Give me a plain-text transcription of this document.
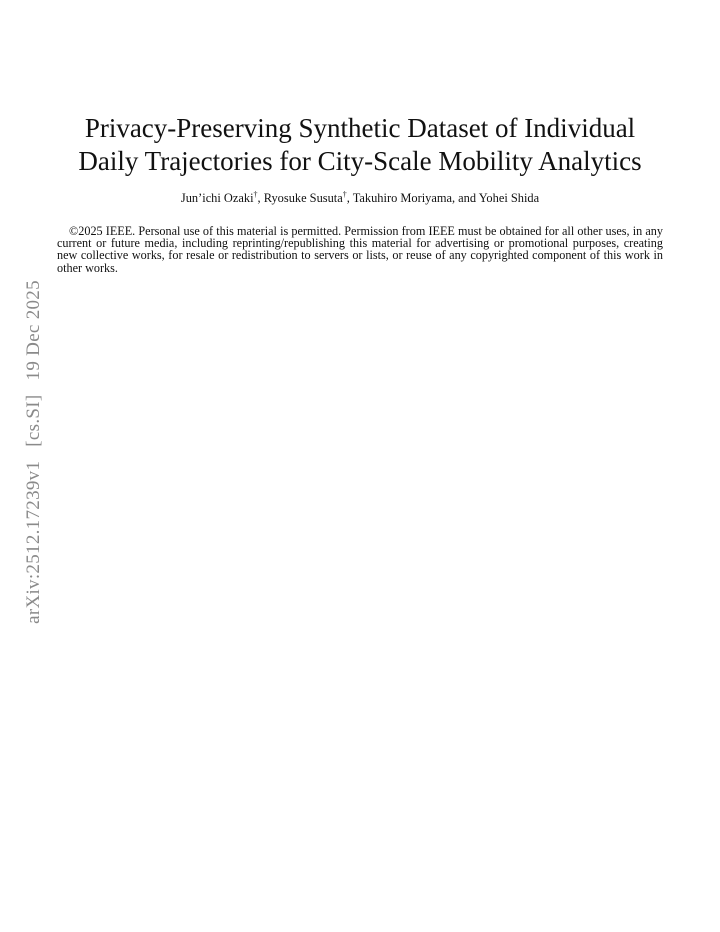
arXiv:2512.17239v1[cs.SI]19 Dec 2025
Privacy-Preserving Synthetic Dataset of Individual
Daily Trajectories for City-Scale Mobility Analytics
Jun’ichi Ozaki†, Ryosuke Susuta†, Takuhiro Moriyama, and Yohei Shida

©2025 IEEE. Personal use of this material is permitted. Permission from IEEE must be obtained for all other uses, in any current or future media, including reprinting/republishing this material for advertising or promotional purposes, creating new collective works, for resale or redistribution to servers or lists, or reuse of any copyrighted component of this work in other works.
